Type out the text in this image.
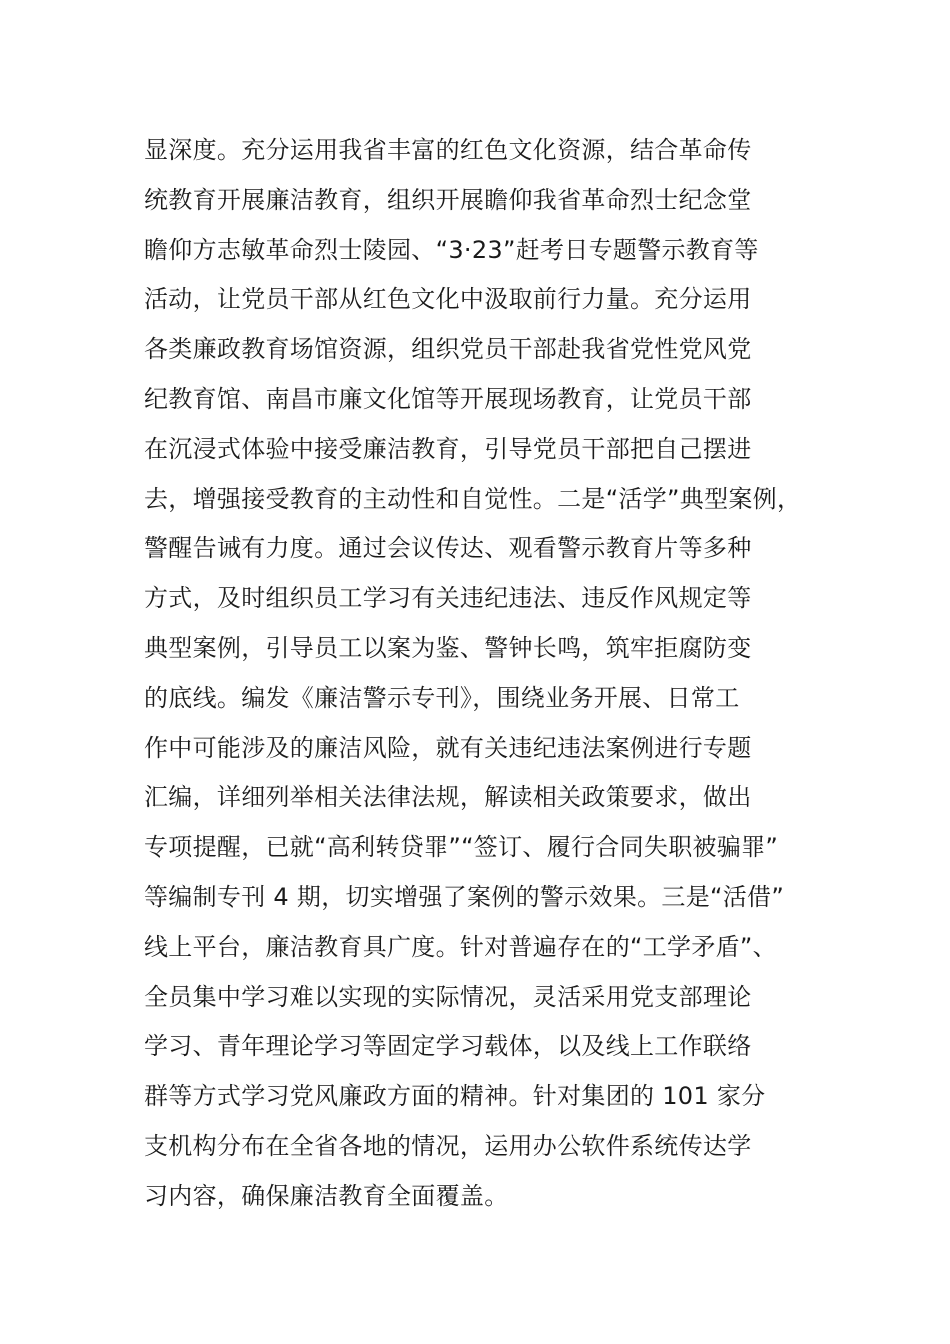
显深度。充分运用我省丰富的红色文化资源，结合革命传
统教育开展廉洁教育，组织开展瞻仰我省革命烈士纪念堂
瞻仰方志敏革命烈士陵园、“3·23”赶考日专题警示教育等
活动，让党员干部从红色文化中汲取前行力量。充分运用
各类廉政教育场馆资源，组织党员干部赴我省党性党风党
纪教育馆、南昌市廉文化馆等开展现场教育，让党员干部
在沉浸式体验中接受廉洁教育，引导党员干部把自己摆进
去，增强接受教育的主动性和自觉性。二是“活学”典型案例，
警醒告诫有力度。通过会议传达、观看警示教育片等多种
方式，及时组织员工学习有关违纪违法、违反作风规定等
典型案例，引导员工以案为鉴、警钟长鸣，筑牢拒腐防变
的底线。编发《廉洁警示专刊》，围绕业务开展、日常工
作中可能涉及的廉洁风险，就有关违纪违法案例进行专题
汇编，详细列举相关法律法规，解读相关政策要求，做出
专项提醒，已就“高利转贷罪”“签订、履行合同失职被骗罪”
等编制专刊 4 期，切实增强了案例的警示效果。三是“活借”
线上平台，廉洁教育具广度。针对普遍存在的“工学矛盾”、
全员集中学习难以实现的实际情况，灵活采用党支部理论
学习、青年理论学习等固定学习载体，以及线上工作联络
群等方式学习党风廉政方面的精神。针对集团的 101 家分
支机构分布在全省各地的情况，运用办公软件系统传达学
习内容，确保廉洁教育全面覆盖。
